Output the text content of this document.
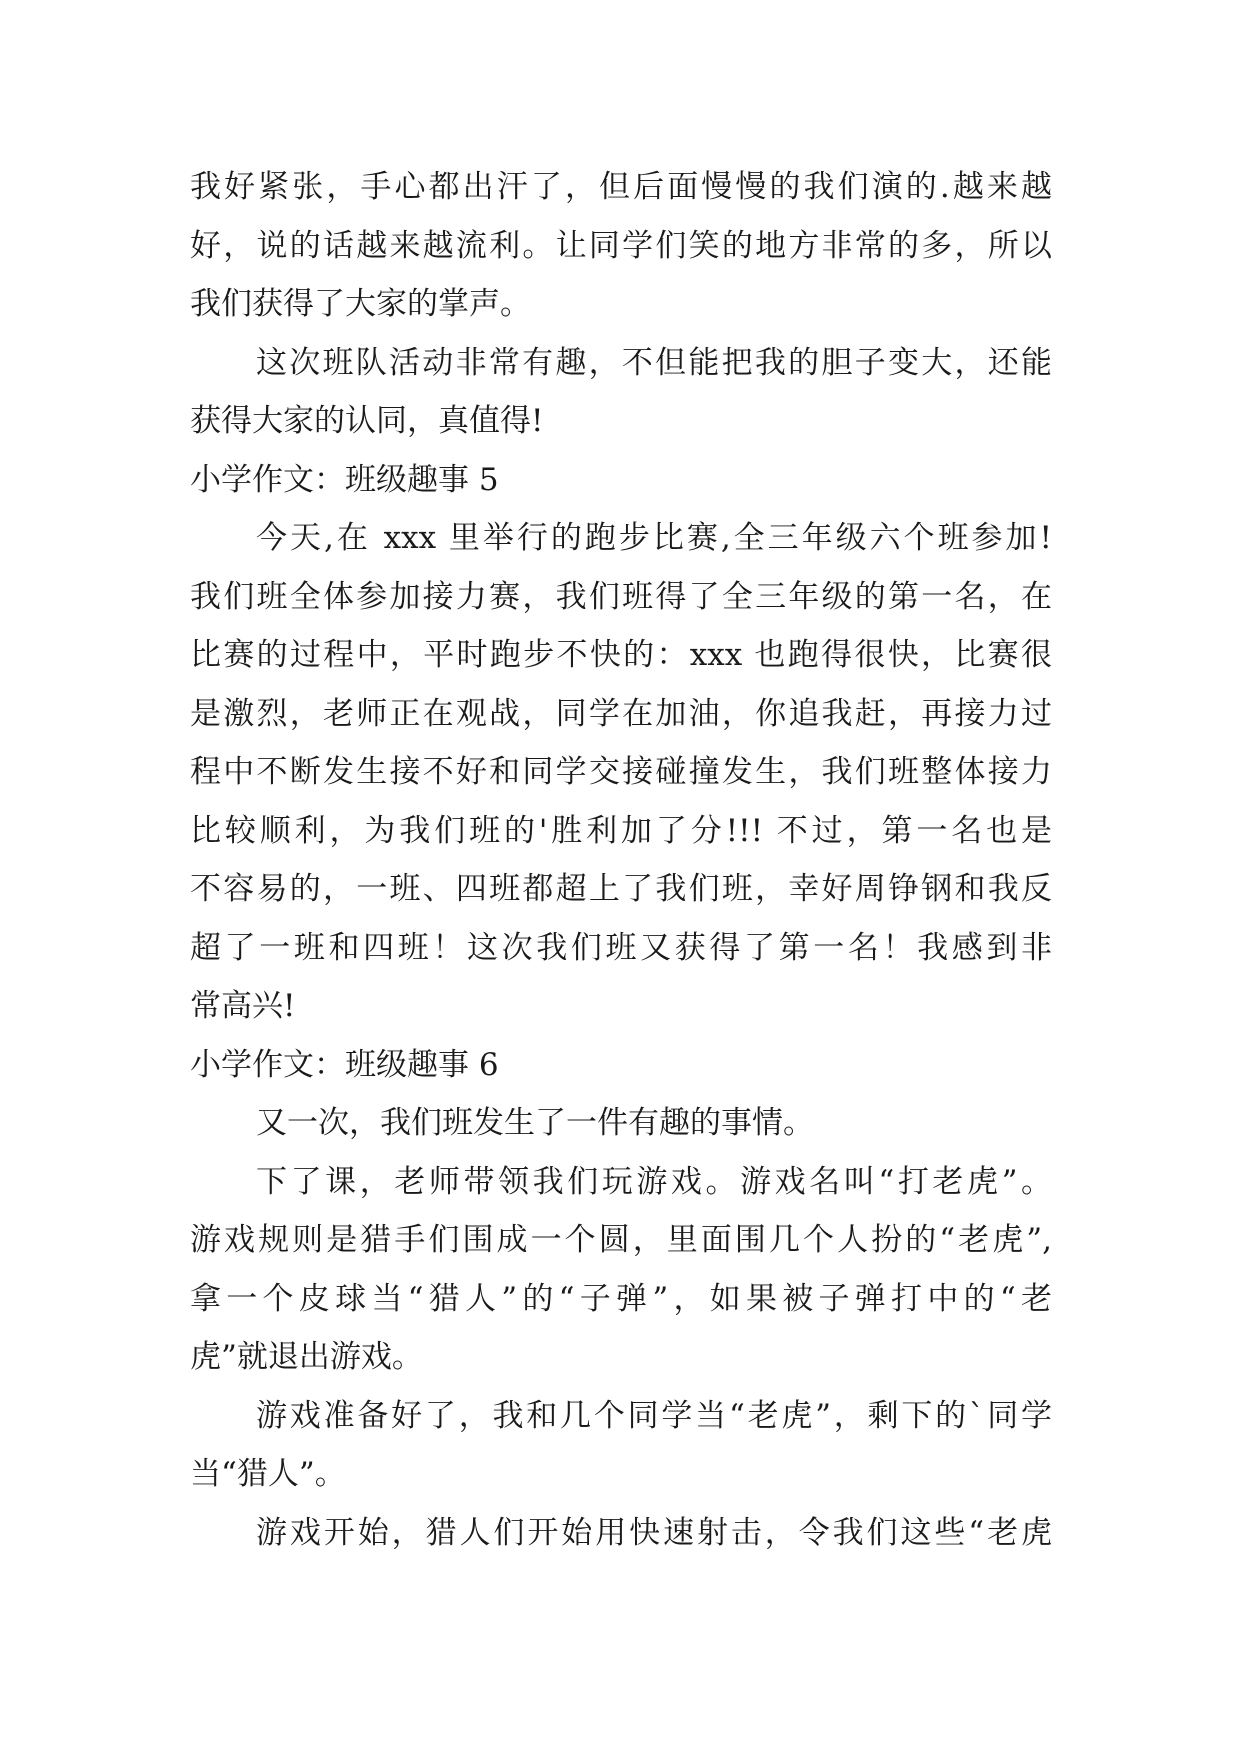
我好紧张，手心都出汗了，但后面慢慢的我们演的.越来越
好，说的话越来越流利。让同学们笑的地方非常的多，所以
我们获得了大家的掌声。
这次班队活动非常有趣，不但能把我的胆子变大，还能
获得大家的认同，真值得!
小学作文：班级趣事 5
今天,在 xxx 里举行的跑步比赛,全三年级六个班参加!
我们班全体参加接力赛，我们班得了全三年级的第一名，在
比赛的过程中，平时跑步不快的：xxx 也跑得很快，比赛很
是激烈，老师正在观战，同学在加油，你追我赶，再接力过
程中不断发生接不好和同学交接碰撞发生，我们班整体接力
比较顺利，为我们班的'胜利加了分!!! 不过，第一名也是
不容易的，一班、四班都超上了我们班，幸好周铮钢和我反
超了一班和四班！这次我们班又获得了第一名！我感到非
常高兴!
小学作文：班级趣事 6
又一次，我们班发生了一件有趣的事情。
下了课，老师带领我们玩游戏。游戏名叫“打老虎”。
游戏规则是猎手们围成一个圆，里面围几个人扮的“老虎”,
拿一个皮球当“猎人”的“子弹”，如果被子弹打中的“老
虎”就退出游戏。
游戏准备好了，我和几个同学当“老虎”，剩下的`同学
当“猎人”。
游戏开始，猎人们开始用快速射击，令我们这些“老虎
